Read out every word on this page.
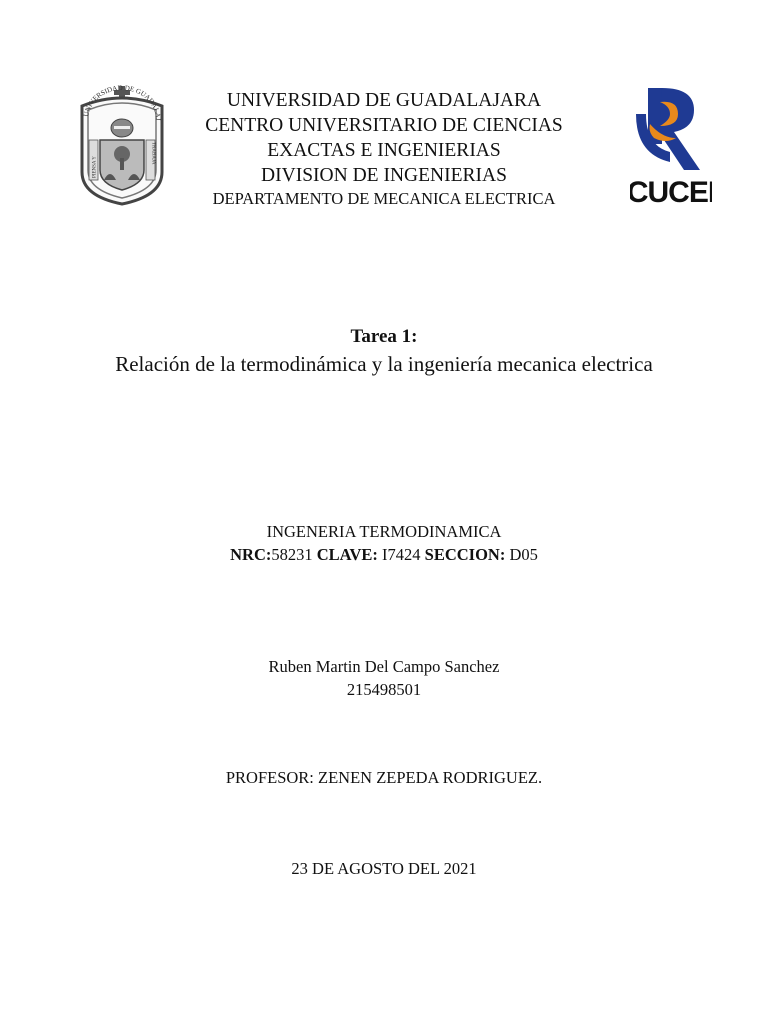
UNIVERSIDAD DE GUADALAJ
PIENSA Y
TRABAJA
UNIVERSIDAD DE GUADALAJARA
CENTRO UNIVERSITARIO DE CIENCIAS
EXACTAS E INGENIERIAS
DIVISION DE INGENIERIAS
DEPARTAMENTO DE MECANICA ELECTRICA	CUCEI
Tarea 1:
Relación de la termodinámica y la ingeniería mecanica electrica
INGENERIA TERMODINAMICA
NRC:58231 CLAVE: I7424 SECCION: D05
Ruben Martin Del Campo Sanchez
215498501
PROFESOR: ZENEN ZEPEDA RODRIGUEZ.
23 DE AGOSTO DEL 2021
